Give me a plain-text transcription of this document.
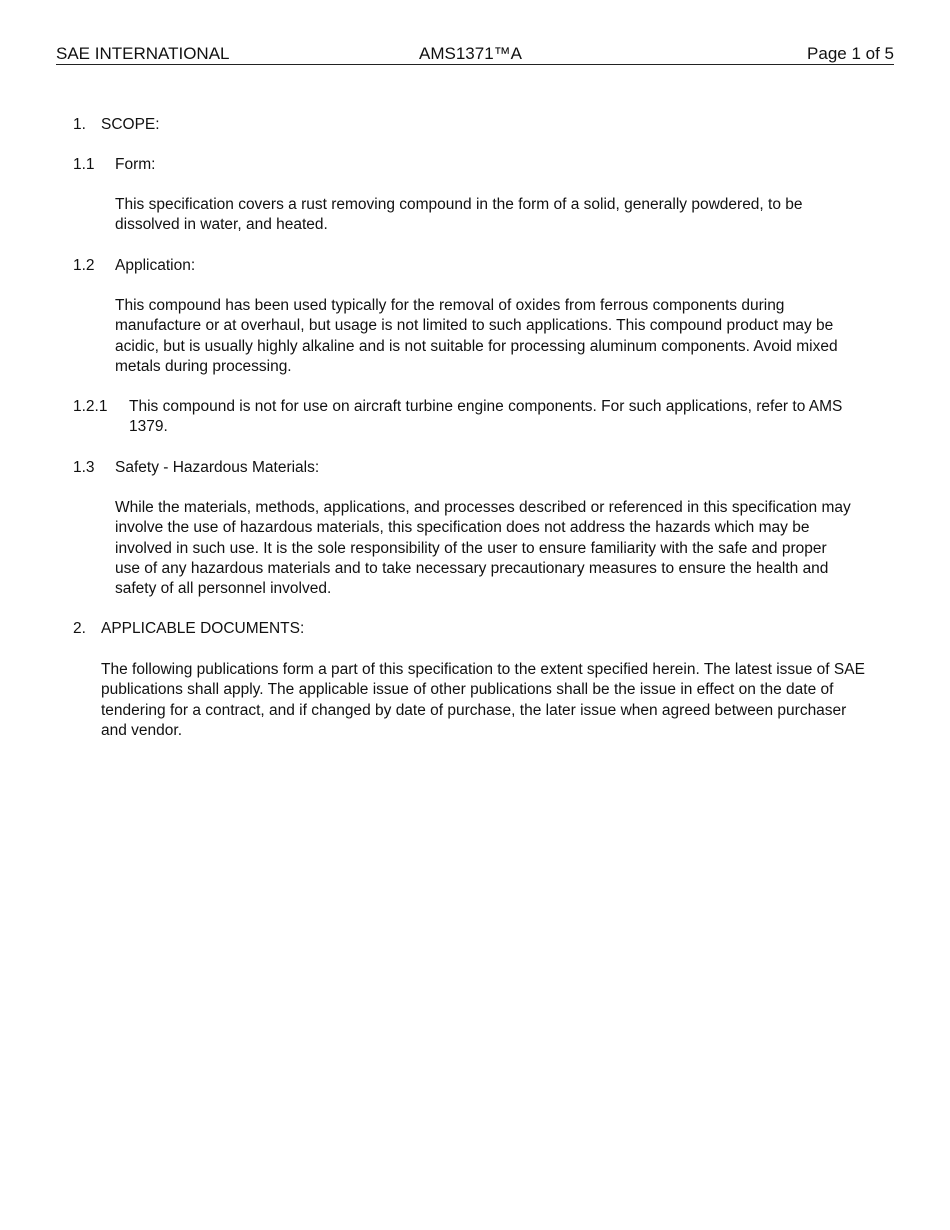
SAE INTERNATIONAL	AMS1371™A	Page 1 of 5
1. SCOPE:
1.1 Form:

This specification covers a rust removing compound in the form of a solid, generally powdered, to be dissolved in water, and heated.

1.2 Application:

This compound has been used typically for the removal of oxides from ferrous components during manufacture or at overhaul, but usage is not limited to such applications. This compound product may be acidic, but is usually highly alkaline and is not suitable for processing aluminum components. Avoid mixed metals during processing.

1.2.1 This compound is not for use on aircraft turbine engine components. For such applications, refer to AMS 1379.

1.3 Safety - Hazardous Materials:

While the materials, methods, applications, and processes described or referenced in this specification may involve the use of hazardous materials, this specification does not address the hazards which may be involved in such use. It is the sole responsibility of the user to ensure familiarity with the safe and proper use of any hazardous materials and to take necessary precautionary measures to ensure the health and safety of all personnel involved.

2. APPLICABLE DOCUMENTS:

The following publications form a part of this specification to the extent specified herein. The latest issue of SAE publications shall apply. The applicable issue of other publications shall be the issue in effect on the date of tendering for a contract, and if changed by date of purchase, the later issue when agreed between purchaser and vendor.
